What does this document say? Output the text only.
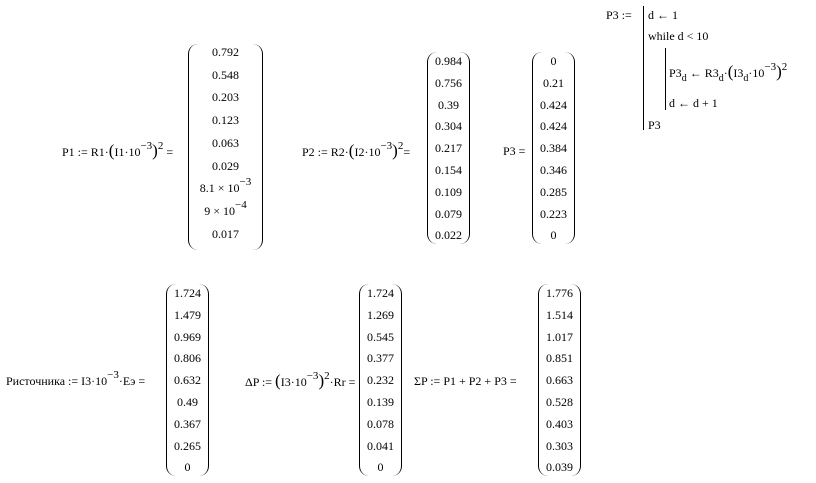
P3 := d ← 1
while d < 10
$P3_d$ ← $R3_d\cdot(I3_d\cdot 10-3)2$
d ← d + 1
P3
P1 := R1·(I1·10−3)2 =
0.792
0.548
0.203
0.123
0.063
0.029
8.1 × 10−3
9 × 10−4
0.017
P2 := R2·(I2·10−3)2=
0.984
0.756
0.39
0.304
0.217
0.154
0.109
0.079
0.022
P3 =
0
0.21
0.424
0.424
0.384
0.346
0.285
0.223
0
Pисточника := I3·10−3·Eэ =
1.724
1.479
0.969
0.806
0.632
0.49
0.367
0.265
0
ΔP := (I3·10−3)2·Rr =
1.724
1.269
0.545
0.377
0.232
0.139
0.078
0.041
0
ΣP := P1 + P2 + P3 =
1.776
1.514
1.017
0.851
0.663
0.528
0.403
0.303
0.039
